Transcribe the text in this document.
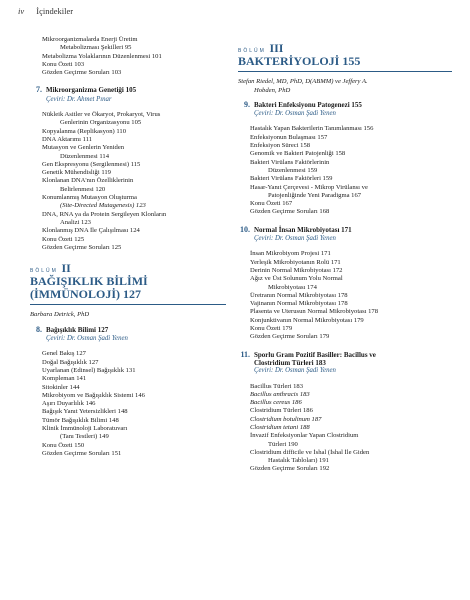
iv İçindekiler

Mikroorganizmalarda Enerji Üretim

Metabolizması Şekilleri 95

Metabolizma Yolaklarının Düzenlenmesi 101

Konu Özeti 103

Gözden Geçirme Soruları 103

7. Mikroorganizma Genetiği 105
Çeviri: Dr. Ahmet Pınar

Nükleik Asitler ve Ökaryot, Prokaryot, Virus

Genlerinin Organizasyonu 105

Kopyalanma (Replikasyon) 110

DNA Aktarımı 111

Mutasyon ve Genlerin Yeniden

Düzenlenmesi 114

Gen Ekspresyonu (Sergilenmesi) 115

Genetik Mühendisliği 119

Klonlanan DNA'nın Özelliklerinin

Belirlenmesi 120

Konumlanmış Mutasyon Oluşturma

(Site-Directed Mutagenesis) 123

DNA, RNA ya da Protein Sergileyen Klonların

Analizi 123

Klonlanmış DNA İle Çalışılması 124

Konu Özeti 125

Gözden Geçirme Soruları 125

BÖLÜM II
BAĞIŞIKLIK BİLİMİ
(İMMÜNOLOJİ) 127
Barbara Detrick, PhD
8. Bağışıklık Bilimi 127
Çeviri: Dr. Osman Şadi Yenen

Genel Bakış 127

Doğal Bağışıklık 127

Uyarlanan (Edinsel) Bağışıklık 131

Kompleman 141

Sitokinler 144

Mikrobiyom ve Bağışıklık Sistemi 146

Aşırı Duyarlılık 146

Bağışık Yanıt Yetersizlikleri 148

Tümör Bağışıklık Bilimi 148

Klinik İmmünoloji Laboratuvarı

(Tanı Testleri) 149

Konu Özeti 150

Gözden Geçirme Soruları 151

BÖLÜM III
BAKTERİYOLOJİ 155
Stefan Riedel, MD, PhD, D(ABMM) ve Jeffery A.
Hobden, PhD
9. Bakteri Enfeksiyonu Patogenezi 155
Çeviri: Dr. Osman Şadi Yenen

Hastalık Yapan Bakterilerin Tanımlanması 156

Enfeksiyonun Bulaşması 157

Enfeksiyon Süreci 158

Genomik ve Bakteri Patojenliği 158

Bakteri Virülans Faktörlerinin

Düzenlenmesi 159

Bakteri Virülans Faktörleri 159

Hasar-Yanıt Çerçevesi - Mikrop Virülansı ve

Patojenliğinde Yeni Paradigma 167

Konu Özeti 167

Gözden Geçirme Soruları 168

10. Normal İnsan Mikrobiyotası 171
Çeviri: Dr. Osman Şadi Yenen

İnsan Mikrobiyom Projesi 171

Yerleşik Mikrobiyotanın Rolü 171

Derinin Normal Mikrobiyotası 172

Ağız ve Üst Solunum Yolu Normal

Mikrobiyotası 174

Üretranın Normal Mikrobiyotası 178

Vajinanın Normal Mikrobiyotası 178

Plasenta ve Uterusun Normal Mikrobiyotası 178

Konjunktivanın Normal Mikrobiyotası 179

Konu Özeti 179

Gözden Geçirme Soruları 179

11. Sporlu Gram Pozitif Basiller: Bacillus ve
Clostridium Türleri 183
Çeviri: Dr. Osman Şadi Yenen

Bacillus Türleri 183

Bacillus anthracis 183

Bacillus cereus 186

Clostridium Türleri 186

Clostridium botulinum 187

Clostridium tetani 188

İnvazif Enfeksiyonlar Yapan Clostridium

Türleri 190

Clostridium difficile ve İshal (İshal İle Giden

Hastalık Tabloları) 191

Gözden Geçirme Soruları 192
